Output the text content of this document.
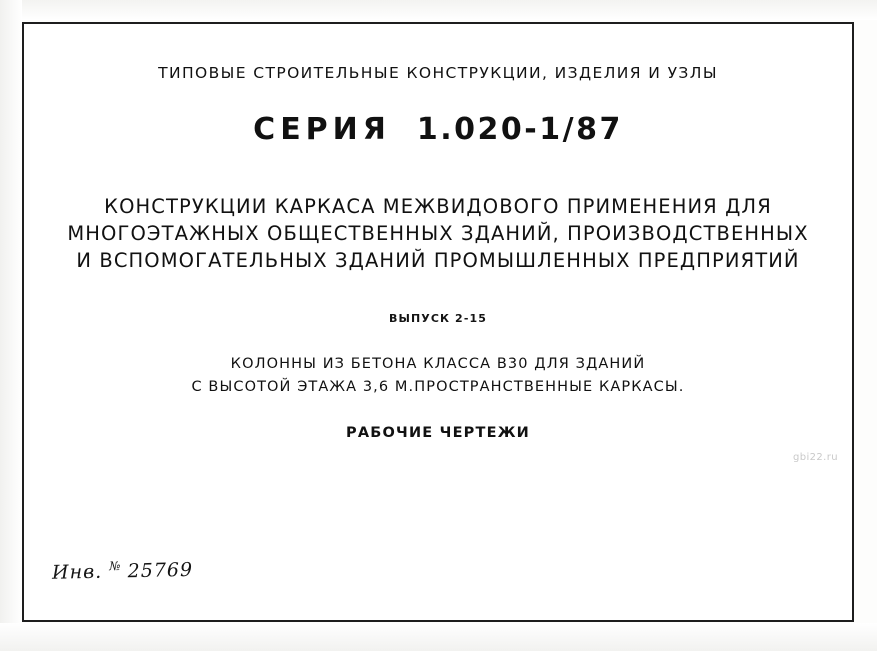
ТИПОВЫЕ СТРОИТЕЛЬНЫЕ КОНСТРУКЦИИ, ИЗДЕЛИЯ И УЗЛЫ
СЕРИЯ 1.020-1/87
КОНСТРУКЦИИ КАРКАСА МЕЖВИДОВОГО ПРИМЕНЕНИЯ ДЛЯ
МНОГОЭТАЖНЫХ ОБЩЕСТВЕННЫХ ЗДАНИЙ, ПРОИЗВОДСТВЕННЫХ
И ВСПОМОГАТЕЛЬНЫХ ЗДАНИЙ ПРОМЫШЛЕННЫХ ПРЕДПРИЯТИЙ
ВЫПУСК 2-15
КОЛОННЫ ИЗ БЕТОНА КЛАССА В30 ДЛЯ ЗДАНИЙ
С ВЫСОТОЙ ЭТАЖА 3,6 М.ПРОСТРАНСТВЕННЫЕ КАРКАСЫ.
РАБОЧИЕ ЧЕРТЕЖИ
gbi22.ru
Инв. № 25769
